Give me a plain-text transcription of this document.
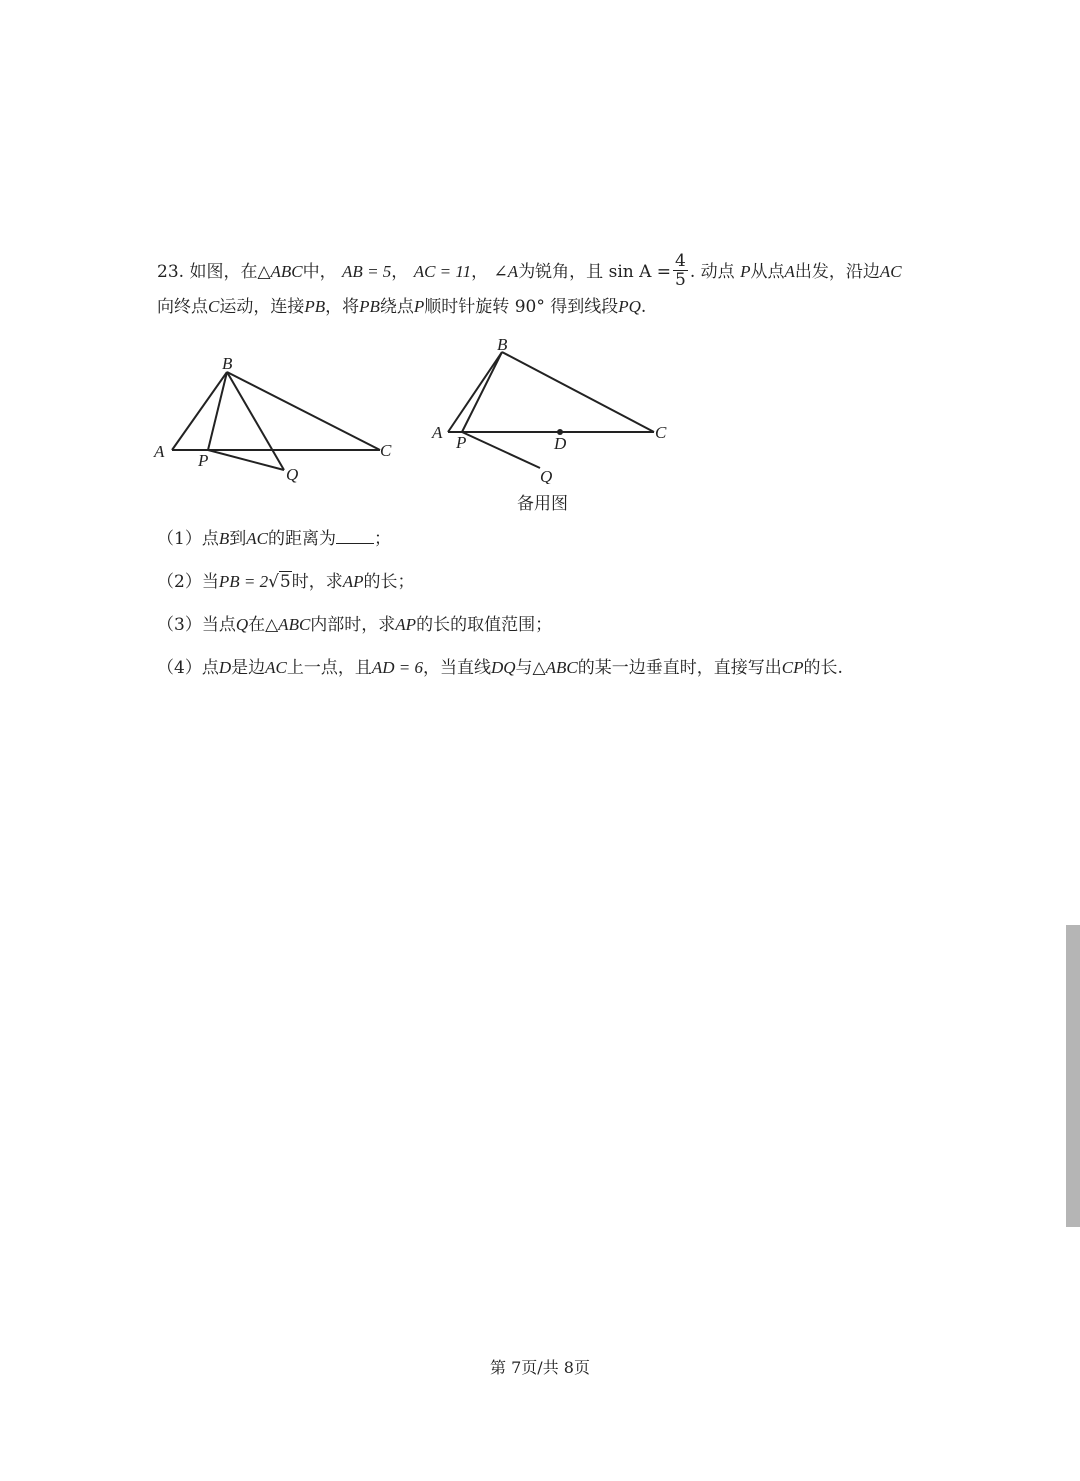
23. 如图，在△ABC中， AB = 5， AC = 11， ∠A为锐角，且 $\sin A = \frac{4}{5}$ . 动点 P从点A出发，沿边AC
向终点C运动，连接PB，将PB绕点P顺时针旋转 90° 得到线段PQ.
A
B
C
P
Q
A
B
C
P	D
Q
备用图
（1）点B到AC的距离为 ；
（2）当PB = 2√5时，求AP的长；
（3）当点Q在△ABC内部时，求AP的长的取值范围；
（4）点D是边AC上一点，且AD = 6，当直线DQ与△ABC的某一边垂直时，直接写出CP的长.
第 7页/共 8页
